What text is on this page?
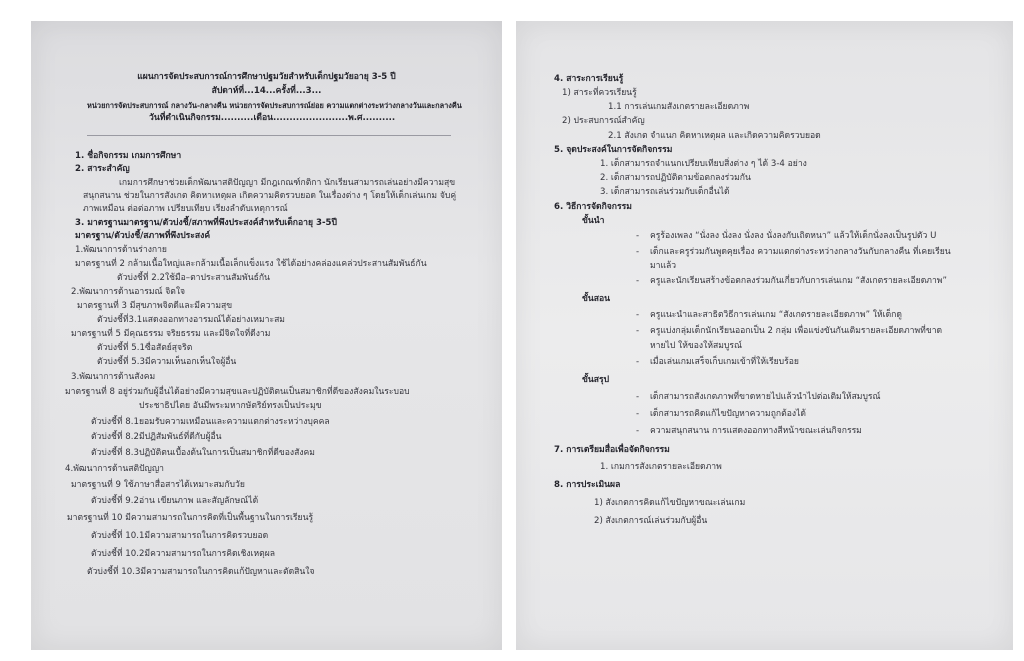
แผนการจัดประสบการณ์การศึกษาปฐมวัยสำหรับเด็กปฐมวัยอายุ 3-5 ปี
สัปดาห์ที่...14...ครั้งที่...3...
หน่วยการจัดประสบการณ์ กลางวัน-กลางคืน หน่วยการจัดประสบการณ์ย่อย ความแตกต่างระหว่างกลางวันและกลางคืน
วันที่ดำเนินกิจกรรม..........เดือน.......................พ.ศ..........
1. ชื่อกิจกรรม เกมการศึกษา
2. สาระสำคัญ
เกมการศึกษาช่วยเด็กพัฒนาสติปัญญา มีกฎเกณฑ์กติกา นักเรียนสามารถเล่นอย่างมีความสุข
สนุกสนาน ช่วยในการสังเกต คิดหาเหตุผล เกิดความคิดรวบยอด ในเรื่องต่าง ๆ โดยให้เด็กเล่นเกม จับคู่
ภาพเหมือน ต่อต่อภาพ เปรียบเทียบ เรียงลำดับเหตุการณ์
3. มาตรฐานมาตรฐาน/ตัวบ่งชี้/สภาพที่พึงประสงค์สำหรับเด็กอายุ 3-5ปี
มาตรฐาน/ตัวบ่งชี้/สภาพที่พึงประสงค์
1.พัฒนาการด้านร่างกาย
มาตรฐานที่ 2 กล้ามเนื้อใหญ่และกล้ามเนื้อเล็กแข็งแรง ใช้ได้อย่างคล่องแคล่วประสานสัมพันธ์กัน
ตัวบ่งชี้ที่ 2.2ใช้มือ–ตาประสานสัมพันธ์กัน
2.พัฒนาการด้านอารมณ์ จิตใจ
มาตรฐานที่ 3 มีสุขภาพจิตดีและมีความสุข
ตัวบ่งชี้ที่3.1แสดงออกทางอารมณ์ได้อย่างเหมาะสม
มาตรฐานที่ 5 มีคุณธรรม จริยธรรม และมีจิตใจที่ดีงาม
ตัวบ่งชี้ที่ 5.1ซื่อสัตย์สุจริต
ตัวบ่งชี้ที่ 5.3มีความเห็นอกเห็นใจผู้อื่น
3.พัฒนาการด้านสังคม
มาตรฐานที่ 8 อยู่ร่วมกับผู้อื่นได้อย่างมีความสุขและปฏิบัติตนเป็นสมาชิกที่ดีของสังคมในระบอบ
ประชาธิปไตย อันมีพระมหากษัตริย์ทรงเป็นประมุข
ตัวบ่งชี้ที่ 8.1ยอมรับความเหมือนและความแตกต่างระหว่างบุคคล
ตัวบ่งชี้ที่ 8.2มีปฏิสัมพันธ์ที่ดีกับผู้อื่น
ตัวบ่งชี้ที่ 8.3ปฏิบัติตนเบื้องต้นในการเป็นสมาชิกที่ดีของสังคม
4.พัฒนาการด้านสติปัญญา
มาตรฐานที่ 9 ใช้ภาษาสื่อสารได้เหมาะสมกับวัย
ตัวบ่งชี้ที่ 9.2อ่าน เขียนภาพ และสัญลักษณ์ได้
มาตรฐานที่ 10 มีความสามารถในการคิดที่เป็นพื้นฐานในการเรียนรู้
ตัวบ่งชี้ที่ 10.1มีความสามารถในการคิดรวบยอด
ตัวบ่งชี้ที่ 10.2มีความสามารถในการคิดเชิงเหตุผล
ตัวบ่งชี้ที่ 10.3มีความสามารถในการคิดแก้ปัญหาและตัดสินใจ
4. สาระการเรียนรู้
1) สาระที่ควรเรียนรู้
1.1 การเล่นเกมสังเกตรายละเอียดภาพ
2) ประสบการณ์สำคัญ
2.1 สังเกต จำแนก คิดหาเหตุผล และเกิดความคิดรวบยอด
5. จุดประสงค์ในการจัดกิจกรรม
1. เด็กสามารถจำแนกเปรียบเทียบสิ่งต่าง ๆ ได้ 3-4 อย่าง
2. เด็กสามารถปฏิบัติตามข้อตกลงร่วมกัน
3. เด็กสามารถเล่นร่วมกับเด็กอื่นได้
6. วิธีการจัดกิจกรรม
ขั้นนำ
- ครูร้องเพลง “นั่งลง นั่งลง นั่งลง นั่งลงกับเถิดหนา” แล้วให้เด็กนั่งลงเป็นรูปตัว U
- เด็กและครูร่วมกันพูดคุยเรื่อง ความแตกต่างระหว่างกลางวันกับกลางคืน ที่เคยเรียน
มาแล้ว
- ครูและนักเรียนสร้างข้อตกลงร่วมกันเกี่ยวกับการเล่นเกม “สังเกตรายละเอียดภาพ”
ขั้นสอน
- ครูแนะนำและสาธิตวิธีการเล่นเกม “สังเกตรายละเอียดภาพ” ให้เด็กดู
- ครูแบ่งกลุ่มเด็กนักเรียนออกเป็น 2 กลุ่ม เพื่อแข่งขันกันเติมรายละเอียดภาพที่ขาด
หายไป ให้ของให้สมบูรณ์
- เมื่อเล่นเกมเสร็จเก็บเกมเข้าที่ให้เรียบร้อย
ขั้นสรุป
- เด็กสามารถสังเกตภาพที่ขาดหายไปแล้วนำไปต่อเติมให้สมบูรณ์
- เด็กสามารถคิดแก้ไขปัญหาความถูกต้องได้
- ความสนุกสนาน การแสดงออกทางสีหน้าขณะเล่นกิจกรรม
7. การเตรียมสื่อเพื่อจัดกิจกรรม
1. เกมการสังเกตรายละเอียดภาพ
8. การประเมินผล
1) สังเกตการคิดแก้ไขปัญหาขณะเล่นเกม
2) สังเกตการณ์เล่นร่วมกับผู้อื่น
